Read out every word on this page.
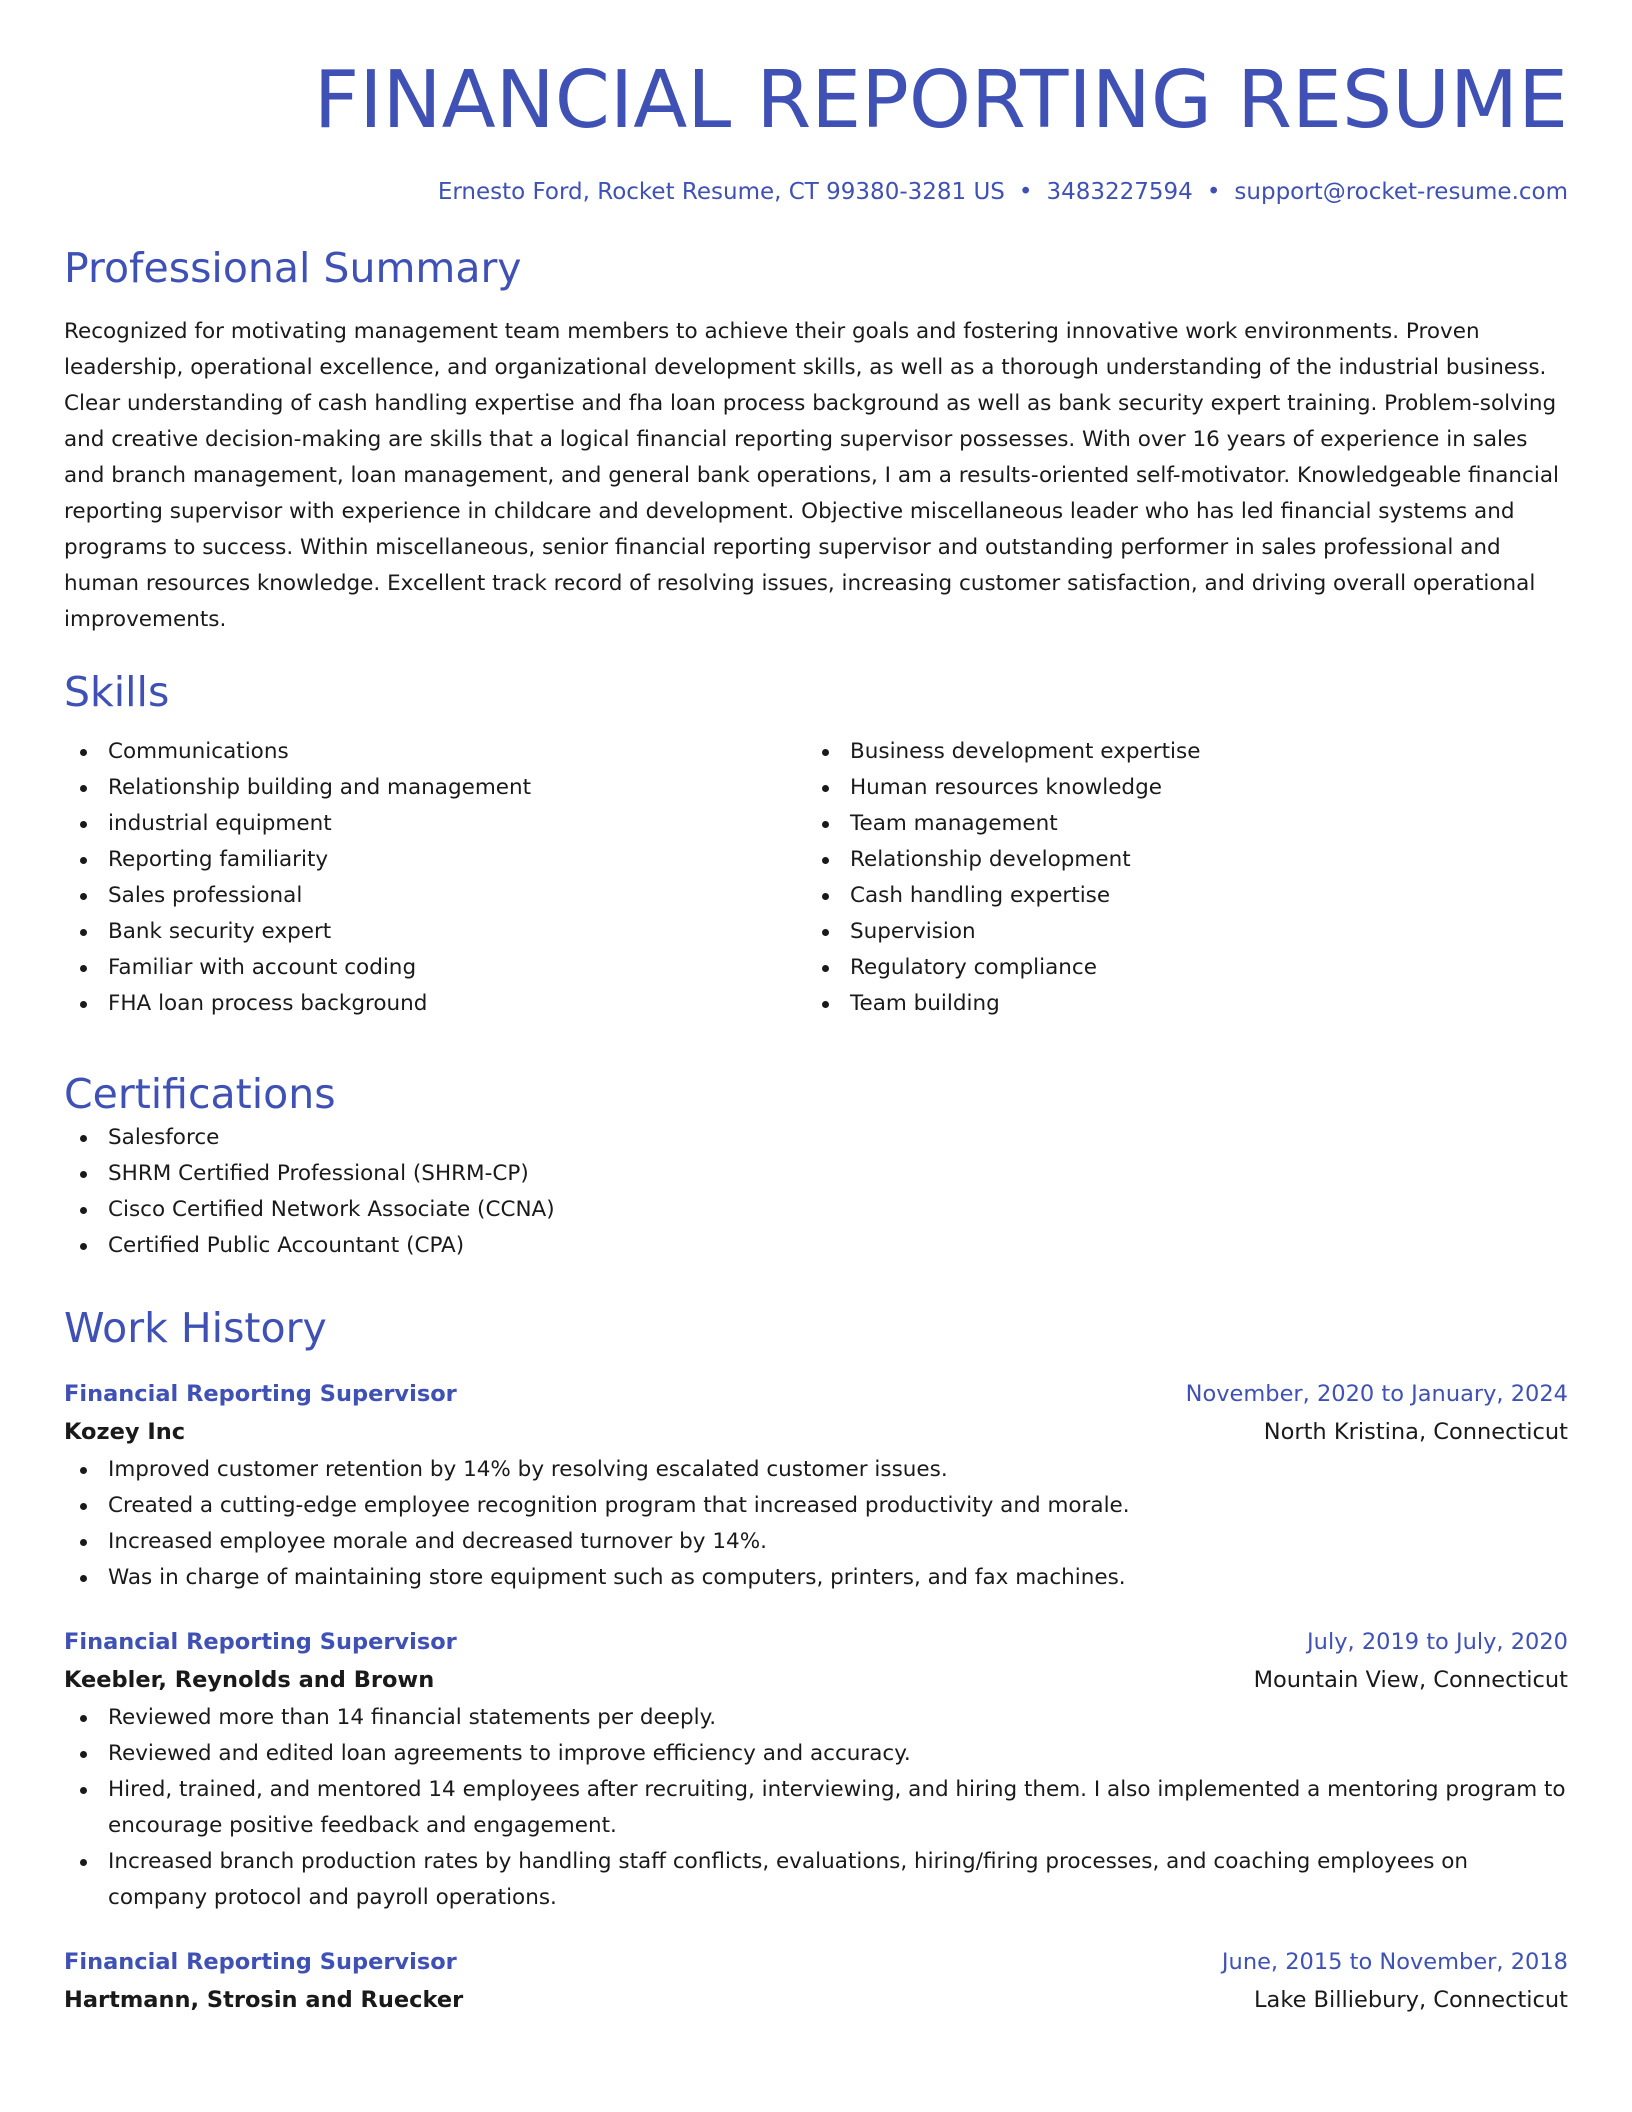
FINANCIAL REPORTING RESUME
Ernesto Ford, Rocket Resume, CT 99380-3281 US • 3483227594 • support@rocket-resume.com
Professional Summary

Recognized for motivating management team members to achieve their goals and fostering innovative work environments. Proven leadership, operational excellence, and organizational development skills, as well as a thorough understanding of the industrial business. Clear understanding of cash handling expertise and fha loan process background as well as bank security expert training. Problem-solving and creative decision-making are skills that a logical financial reporting supervisor possesses. With over 16 years of experience in sales and branch management, loan management, and general bank operations, I am a results-oriented self-motivator. Knowledgeable financial reporting supervisor with experience in childcare and development. Objective miscellaneous leader who has led financial systems and programs to success. Within miscellaneous, senior financial reporting supervisor and outstanding performer in sales professional and human resources knowledge. Excellent track record of resolving issues, increasing customer satisfaction, and driving overall operational improvements.

Skills
Communications
Relationship building and management
industrial equipment
Reporting familiarity
Sales professional
Bank security expert
Familiar with account coding
FHA loan process background
Business development expertise
Human resources knowledge
Team management
Relationship development
Cash handling expertise
Supervision
Regulatory compliance
Team building
Certifications
Salesforce
SHRM Certified Professional (SHRM-CP)
Cisco Certified Network Associate (CCNA)
Certified Public Accountant (CPA)
Work History
Financial Reporting Supervisor	November, 2020 to January, 2024
Kozey Inc	North Kristina, Connecticut
Improved customer retention by 14% by resolving escalated customer issues.
Created a cutting-edge employee recognition program that increased productivity and morale.
Increased employee morale and decreased turnover by 14%.
Was in charge of maintaining store equipment such as computers, printers, and fax machines.
Financial Reporting Supervisor	July, 2019 to July, 2020
Keebler, Reynolds and Brown	Mountain View, Connecticut
Reviewed more than 14 financial statements per deeply.
Reviewed and edited loan agreements to improve efficiency and accuracy.
Hired, trained, and mentored 14 employees after recruiting, interviewing, and hiring them. I also implemented a mentoring program to encourage positive feedback and engagement.
Increased branch production rates by handling staff conflicts, evaluations, hiring/firing processes, and coaching employees on company protocol and payroll operations.
Financial Reporting Supervisor	June, 2015 to November, 2018
Hartmann, Strosin and Ruecker	Lake Billiebury, Connecticut
